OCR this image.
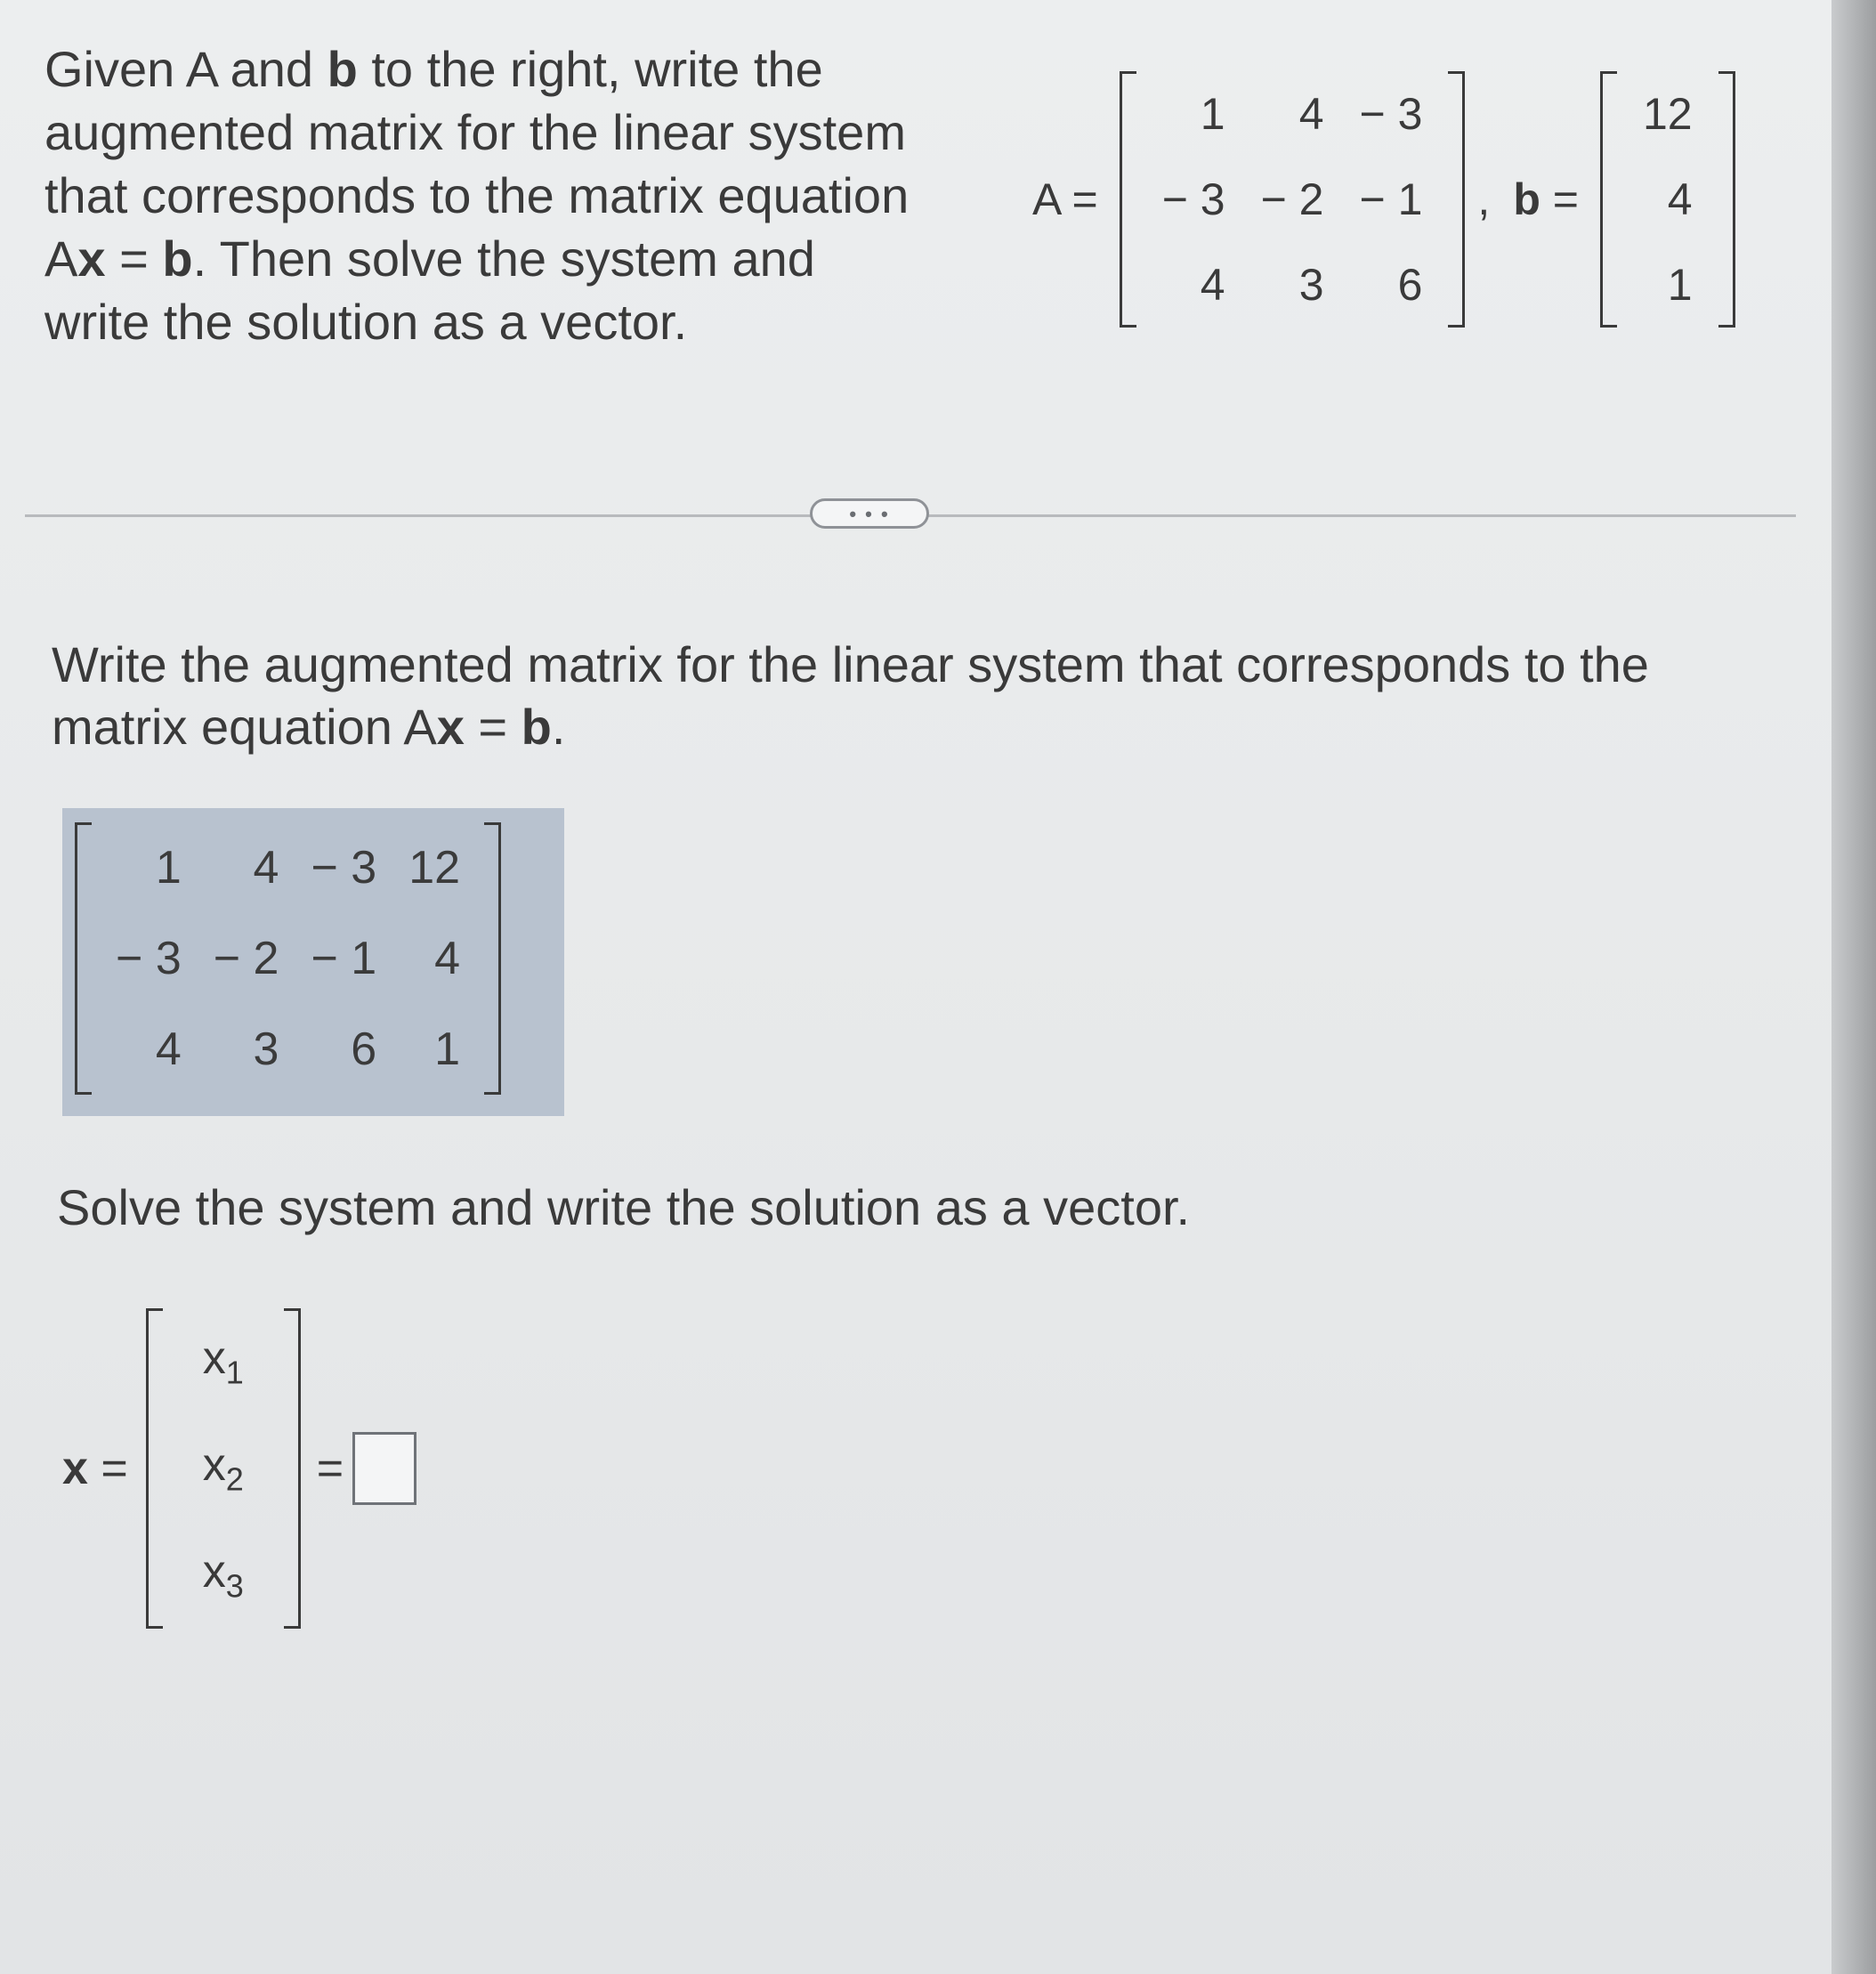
Given A and b to the right, write the augmented matrix for the linear system that corresponds to the matrix equation Ax = b. Then solve the system and write the solution as a vector.
A =
1	4	− 3
− 3	− 2	− 1
4	3	6
, b =
12
4
1
• • •
Write the augmented matrix for the linear system that corresponds to the matrix equation Ax = b.
1	4	− 3	12
− 3	− 2	− 1	4
4	3	6	1
Solve the system and write the solution as a vector.
x =
$x_1$
$x_2$
$x_3$
=
